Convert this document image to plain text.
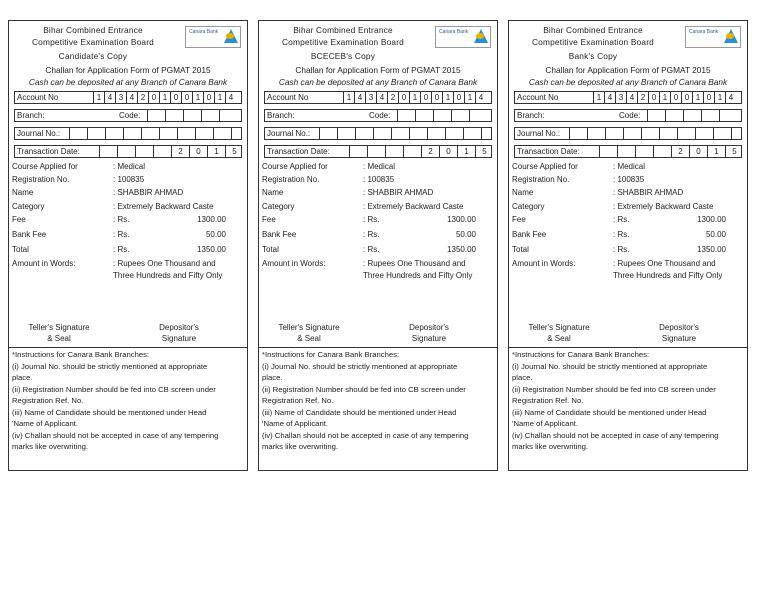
Bihar Combined Entrance
Competitive Examination Board
Candidate's Copy
Challan for Application Form of PGMAT 2015
Cash can be deposited at any Branch of Canara Bank
Canara Bank
Account No	1 4 3 4 2 0 1 0 0 1 0 1 4
Branch:	Code:
Journal No.:
Transaction Date:	2	0	1	5
Course Applied for	: Medical
Registration No.	: 100835
Name	: SHABBIR AHMAD
Category	: Extremely Backward Caste
Fee	: Rs.	1300.00
Bank Fee	: Rs.	50.00
Total	: Rs.	1350.00
Amount in Words:	: Rupees One Thousand and
Three Hundreds and Fifty Only
Teller's Signature
& Seal
Depositor's
Signature
*Instructions for Canara Bank Branches:
(i) Journal No. should be strictly mentioned at appropriate
place.
(ii) Registration Number should be fed into CB screen under
Registration Ref. No.
(iii) Name of Candidate should be mentioned under Head
'Name of Applicant.
(iv) Challan should not be accepted in case of any tempering
marks like overwriting.
Bihar Combined Entrance
Competitive Examination Board
BCECEB's Copy
Challan for Application Form of PGMAT 2015
Cash can be deposited at any Branch of Canara Bank
Canara Bank
Account No	1 4 3 4 2 0 1 0 0 1 0 1 4
Branch:	Code:
Journal No.:
Transaction Date:	2	0	1	5
Course Applied for	: Medical
Registration No.	: 100835
Name	: SHABBIR AHMAD
Category	: Extremely Backward Caste
Fee	: Rs.	1300.00
Bank Fee	: Rs.	50.00
Total	: Rs.	1350.00
Amount in Words:	: Rupees One Thousand and
Three Hundreds and Fifty Only
Teller's Signature
& Seal
Depositor's
Signature
*Instructions for Canara Bank Branches:
(i) Journal No. should be strictly mentioned at appropriate
place.
(ii) Registration Number should be fed into CB screen under
Registration Ref. No.
(iii) Name of Candidate should be mentioned under Head
'Name of Applicant.
(iv) Challan should not be accepted in case of any tempering
marks like overwriting.
Bihar Combined Entrance
Competitive Examination Board
Bank's Copy
Challan for Application Form of PGMAT 2015
Cash can be deposited at any Branch of Canara Bank
Canara Bank
Account No	1 4 3 4 2 0 1 0 0 1 0 1 4
Branch:	Code:
Journal No.:
Transaction Date:	2	0	1	5
Course Applied for	: Medical
Registration No.	: 100835
Name	: SHABBIR AHMAD
Category	: Extremely Backward Caste
Fee	: Rs.	1300.00
Bank Fee	: Rs.	50.00
Total	: Rs.	1350.00
Amount in Words:	: Rupees One Thousand and
Three Hundreds and Fifty Only
Teller's Signature
& Seal
Depositor's
Signature
*Instructions for Canara Bank Branches:
(i) Journal No. should be strictly mentioned at appropriate
place.
(ii) Registration Number should be fed into CB screen under
Registration Ref. No.
(iii) Name of Candidate should be mentioned under Head
'Name of Applicant.
(iv) Challan should not be accepted in case of any tempering
marks like overwriting.
